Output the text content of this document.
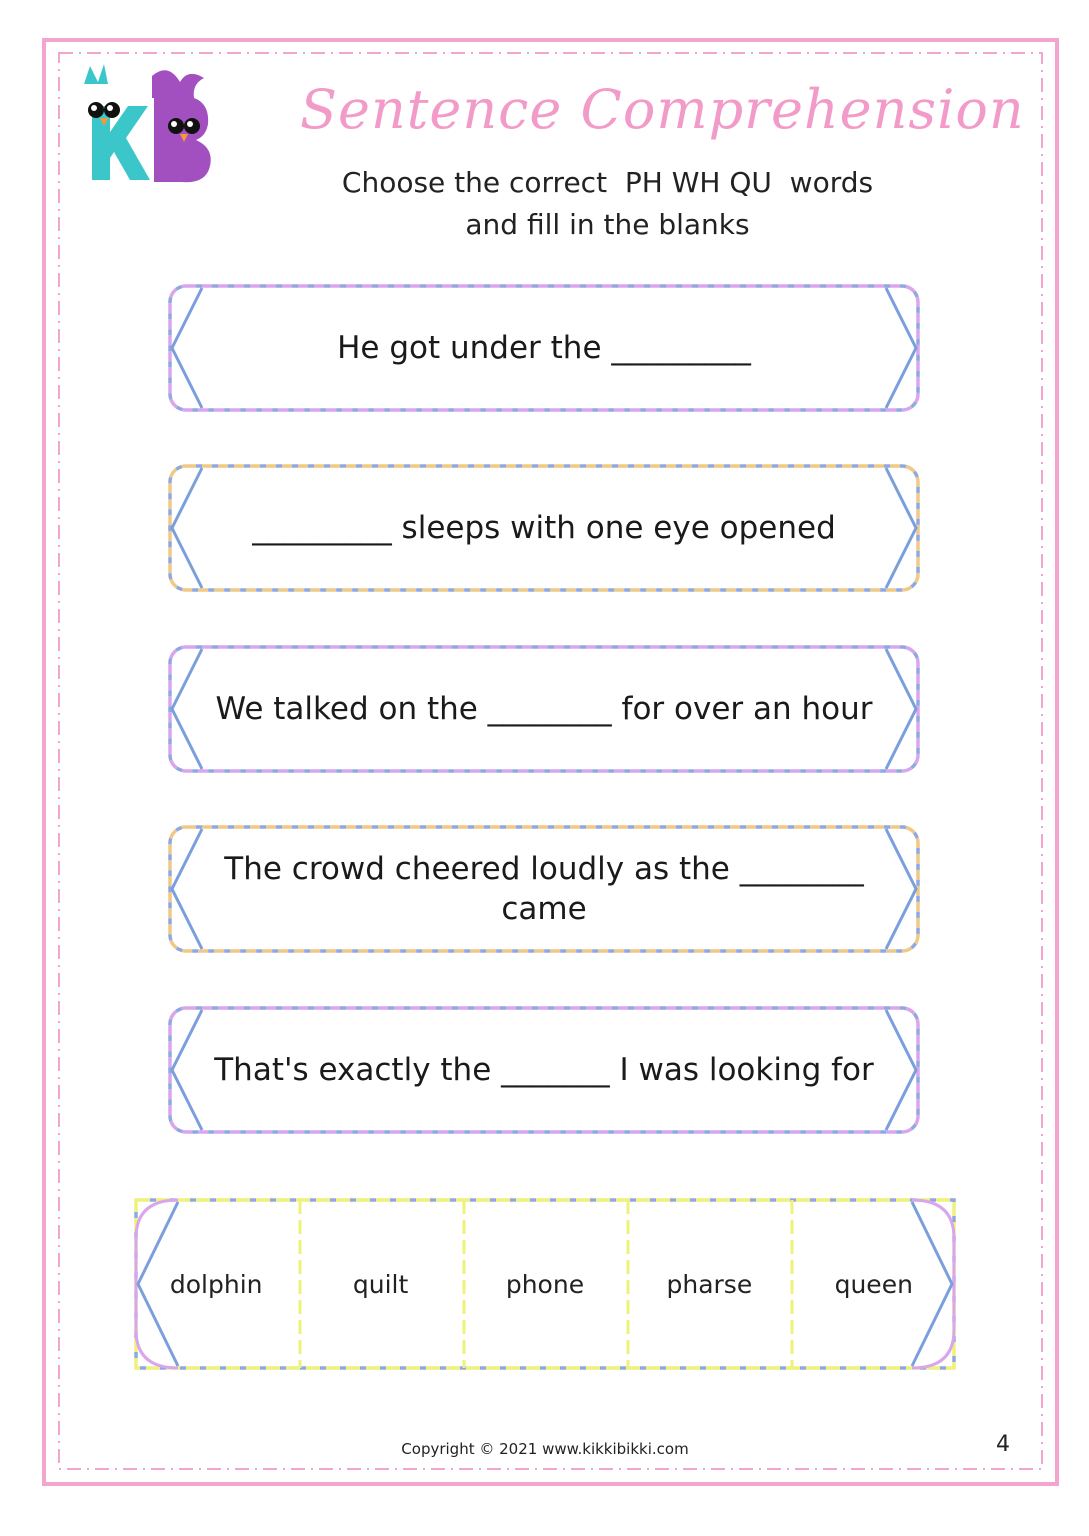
Sentence Comprehension
Choose the correct  PH WH QU  words
and fill in the blanks
He got under the _________
_________ sleeps with one eye opened
We talked on the ________ for over an hour
The crowd cheered loudly as the ________ came
That's exactly the _______ I was looking for
dolphin	quilt	phone	pharse	queen
Copyright © 2021 www.kikkibikki.com	4
